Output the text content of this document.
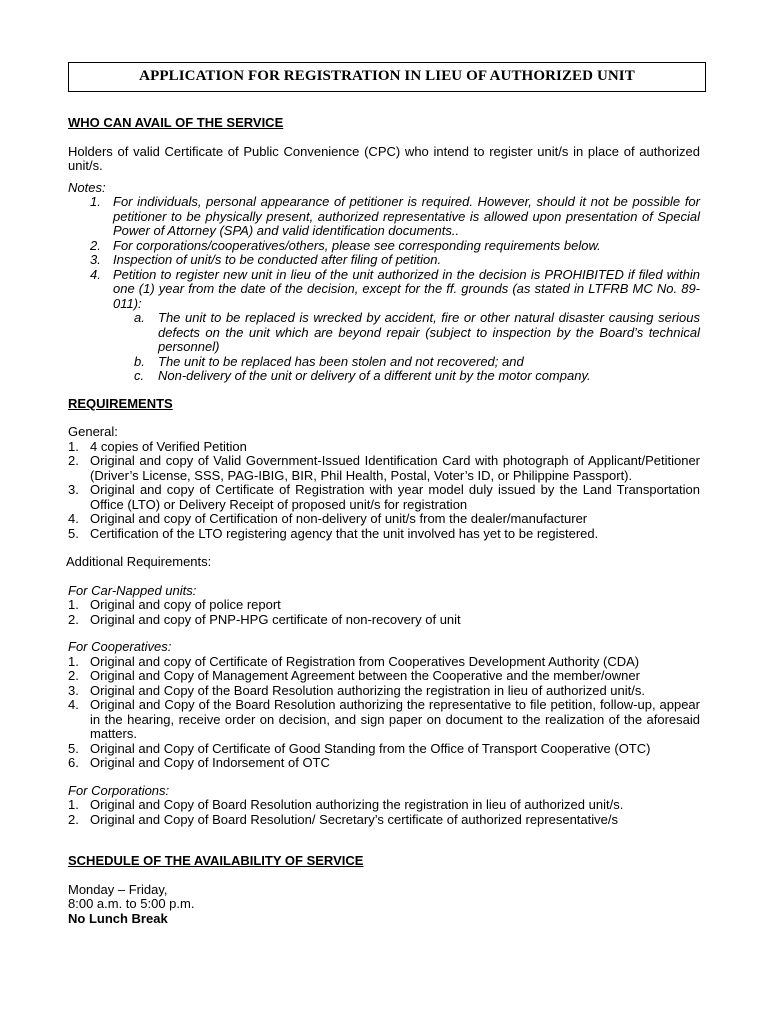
APPLICATION FOR REGISTRATION IN LIEU OF AUTHORIZED UNIT

WHO CAN AVAIL OF THE SERVICE

Holders of valid Certificate of Public Convenience (CPC) who intend to register unit/s in place of authorized unit/s.

Notes:

1. For individuals, personal appearance of petitioner is required. However, should it not be possible for petitioner to be physically present, authorized representative is allowed upon presentation of Special Power of Attorney (SPA) and valid identification documents..
2. For corporations/cooperatives/others, please see corresponding requirements below.
3. Inspection of unit/s to be conducted after filing of petition.
4. Petition to register new unit in lieu of the unit authorized in the decision is PROHIBITED if filed within one (1) year from the date of the decision, except for the ff. grounds (as stated in LTFRB MC No. 89-011):
a. The unit to be replaced is wrecked by accident, fire or other natural disaster causing serious defects on the unit which are beyond repair (subject to inspection by the Board’s technical personnel)
b. The unit to be replaced has been stolen and not recovered; and
c. Non-delivery of the unit or delivery of a different unit by the motor company.

REQUIREMENTS

General:

1. 4 copies of Verified Petition
2. Original and copy of Valid Government-Issued Identification Card with photograph of Applicant/Petitioner (Driver’s License, SSS, PAG-IBIG, BIR, Phil Health, Postal, Voter’s ID, or Philippine Passport).
3. Original and copy of Certificate of Registration with year model duly issued by the Land Transportation Office (LTO) or Delivery Receipt of proposed unit/s for registration
4. Original and copy of Certification of non-delivery of unit/s from the dealer/manufacturer
5. Certification of the LTO registering agency that the unit involved has yet to be registered.

Additional Requirements:

For Car-Napped units:

1. Original and copy of police report
2. Original and copy of PNP-HPG certificate of non-recovery of unit

For Cooperatives:

1. Original and copy of Certificate of Registration from Cooperatives Development Authority (CDA)
2. Original and Copy of Management Agreement between the Cooperative and the member/owner
3. Original and Copy of the Board Resolution authorizing the registration in lieu of authorized unit/s.
4. Original and Copy of the Board Resolution authorizing the representative to file petition, follow-up, appear in the hearing, receive order on decision, and sign paper on document to the realization of the aforesaid matters.
5. Original and Copy of Certificate of Good Standing from the Office of Transport Cooperative (OTC)
6. Original and Copy of Indorsement of OTC

For Corporations:

1. Original and Copy of Board Resolution authorizing the registration in lieu of authorized unit/s.
2. Original and Copy of Board Resolution/ Secretary’s certificate of authorized representative/s

SCHEDULE OF THE AVAILABILITY OF SERVICE

Monday – Friday,

8:00 a.m. to 5:00 p.m.

No Lunch Break
